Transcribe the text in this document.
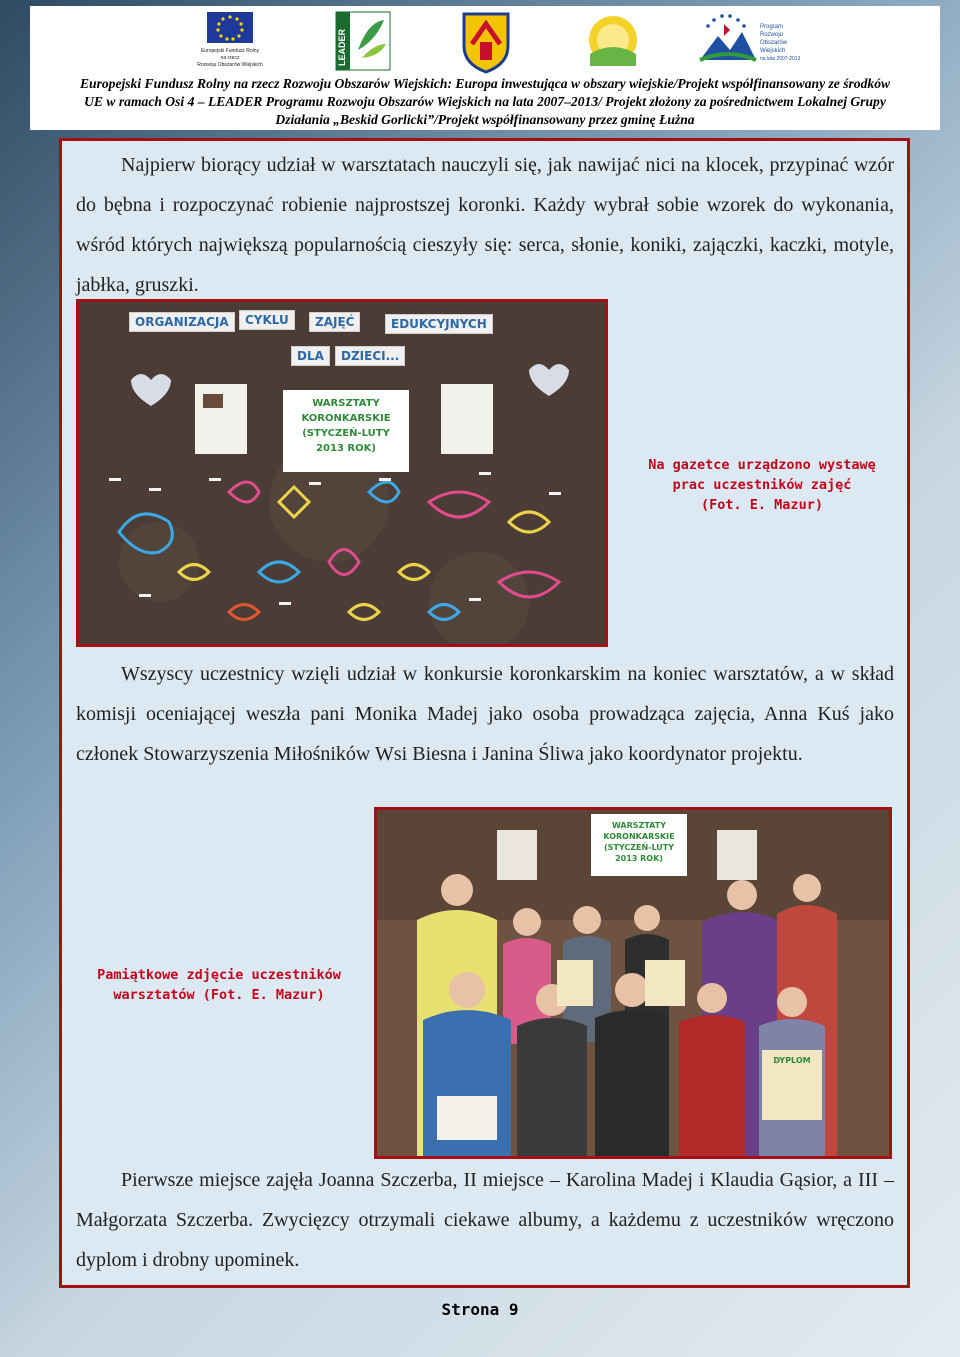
Europejski Fundusz Rolny
na rzecz
Rozwoju Obszarów Wiejskich	LEADER
Program
Rozwoju
Obszarów
Wiejskich
na lata 2007-2013
Europejski Fundusz Rolny na rzecz Rozwoju Obszarów Wiejskich: Europa inwestująca w obszary wiejskie/Projekt współfinansowany ze środków
UE w ramach Osi 4 – LEADER Programu Rozwoju Obszarów Wiejskich na lata 2007–2013/ Projekt złożony za pośrednictwem Lokalnej Grupy
Działania „Beskid Gorlicki”/Projekt współfinansowany przez gminę Łużna

Najpierw biorący udział w warsztatach nauczyli się, jak nawijać nici na klocek, przypinać wzór do bębna i rozpoczynać robienie najprostszej koronki. Każdy wybrał sobie wzorek do wykonania, wśród których największą popularnością cieszyły się: serca, słonie, koniki, zajączki, kaczki, motyle, jabłka, gruszki.

ORGANIZACJA	CYKLU	ZAJĘĆ	EDUKCYJNYCH
DLA	DZIECI...
WARSZTATY
KORONKARSKIE
(STYCZEŃ-LUTY
2013 ROK)
Na gazetce urządzono wystawę
prac uczestników zajęć
(Fot. E. Mazur)

Wszyscy uczestnicy wzięli udział w konkursie koronkarskim na koniec warsztatów, a w skład komisji oceniającej weszła pani Monika Madej jako osoba prowadząca zajęcia, Anna Kuś jako członek Stowarzyszenia Miłośników Wsi Biesna i Janina Śliwa jako koordynator projektu.

WARSZTATY
KORONKARSKIE
(STYCZEŃ-LUTY
2013 ROK)
DYPLOM
Pamiątkowe zdjęcie uczestników
warsztatów (Fot. E. Mazur)

Pierwsze miejsce zajęła Joanna Szczerba, II miejsce – Karolina Madej i Klaudia Gąsior, a III – Małgorzata Szczerba. Zwycięzcy otrzymali ciekawe albumy, a każdemu z uczestników wręczono dyplom i drobny upominek.

Strona 9
